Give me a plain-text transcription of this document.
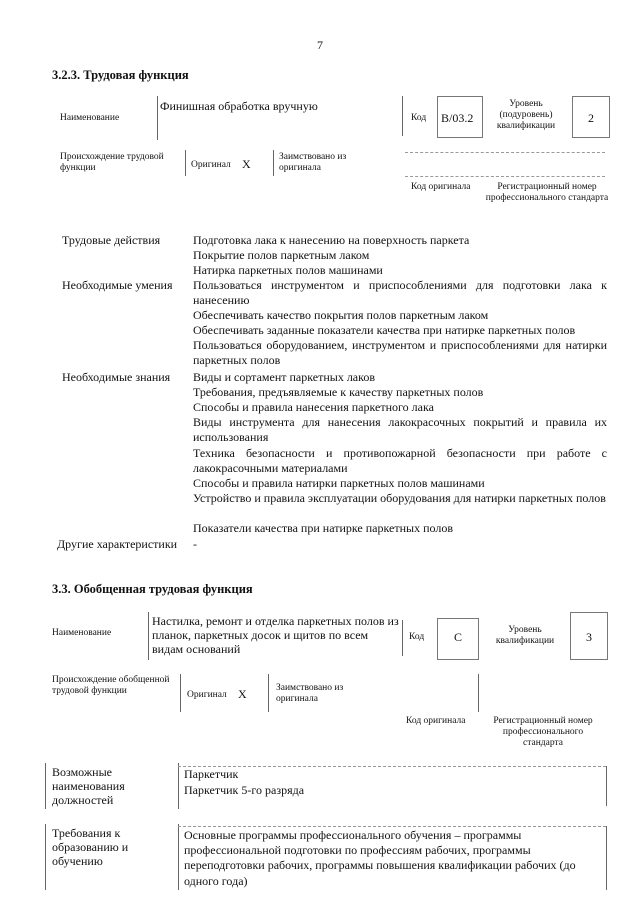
7
3.2.3. Трудовая функция
Наименование
Финишная обработка вручную
Код B/03.2
Уровень (подуровень) квалификации
2
Происхождение трудовой функции	Оригинал X	Заимствовано из оригинала
Код оригинала	Регистрационный номер профессионального стандарта
Трудовые действия	Подготовка лака к нанесению на поверхность паркета
Покрытие полов паркетным лаком
Натирка паркетных полов машинами
Необходимые умения Пользоваться инструментом и приспособлениями для подготовки лака к нанесению
Обеспечивать качество покрытия полов паркетным лаком
Обеспечивать заданные показатели качества при натирке паркетных полов
Пользоваться оборудованием, инструментом и приспособлениями для натирки паркетных полов
Необходимые знания Виды и сортамент паркетных лаков
Требования, предъявляемые к качеству паркетных полов
Способы и правила нанесения паркетного лака
Виды инструмента для нанесения лакокрасочных покрытий и правила их использования
Техника безопасности и противопожарной безопасности при работе с лакокрасочными материалами
Способы и правила натирки паркетных полов машинами
Устройство и правила эксплуатации оборудования для натирки паркетных полов
Показатели качества при натирке паркетных полов
Другие характеристики	-
3.3. Обобщенная трудовая функция
Наименование
Настилка, ремонт и отделка паркетных полов из планок, паркетных досок и щитов по всем видам оснований
Код	C	Уровень квалификации	3
Происхождение обобщенной трудовой функции	Оригинал X	Заимствовано из оригинала
Код оригинала	Регистрационный номер профессионального стандарта
Возможные наименования должностей
Паркетчик
Паркетчик 5-го разряда
Требования к образованию и обучению
Основные программы профессионального обучения – программы профессиональной подготовки по профессиям рабочих, программы переподготовки рабочих, программы повышения квалификации рабочих (до одного года)
